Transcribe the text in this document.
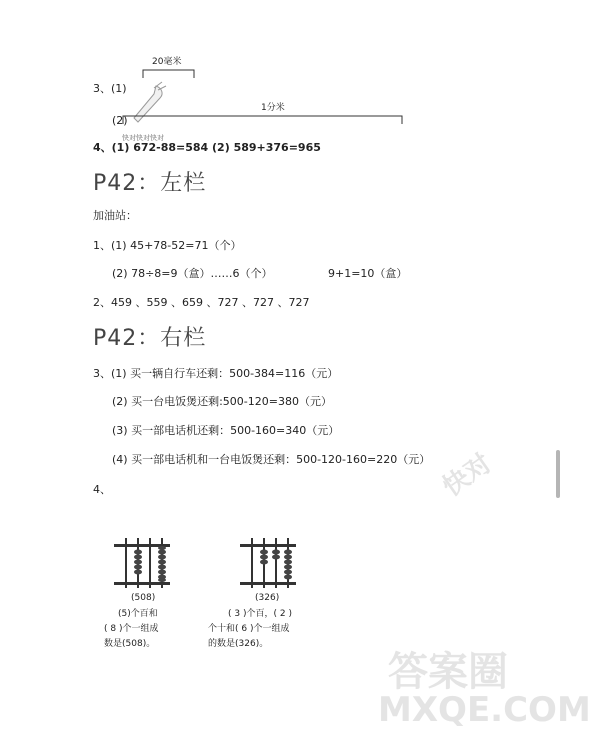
3、(1)
20毫米
快对快对快对
(2)
1分米
4、(1) 672-88=584 (2) 589+376=965
P42：左栏
加油站：
1、(1) 45+78-52=71（个）
(2) 78÷8=9（盒）……6（个）	9+1=10（盒）
2、459 、559 、659 、727 、727 、727
P42：右栏
3、(1) 买一辆自行车还剩：500-384=116（元）
(2) 买一台电饭煲还剩:500-120=380（元）
(3) 买一部电话机还剩：500-160=340（元）
(4) 买一部电话机和一台电饭煲还剩：500-120-160=220（元）
4、
(508)
(5)个百和
( 8 )个一组成
数是(508)。
(326)
( 3 )个百，( 2 )
个十和( 6 )个一组成
的数是(326)。
快对
答案圈
MXQE.COM
